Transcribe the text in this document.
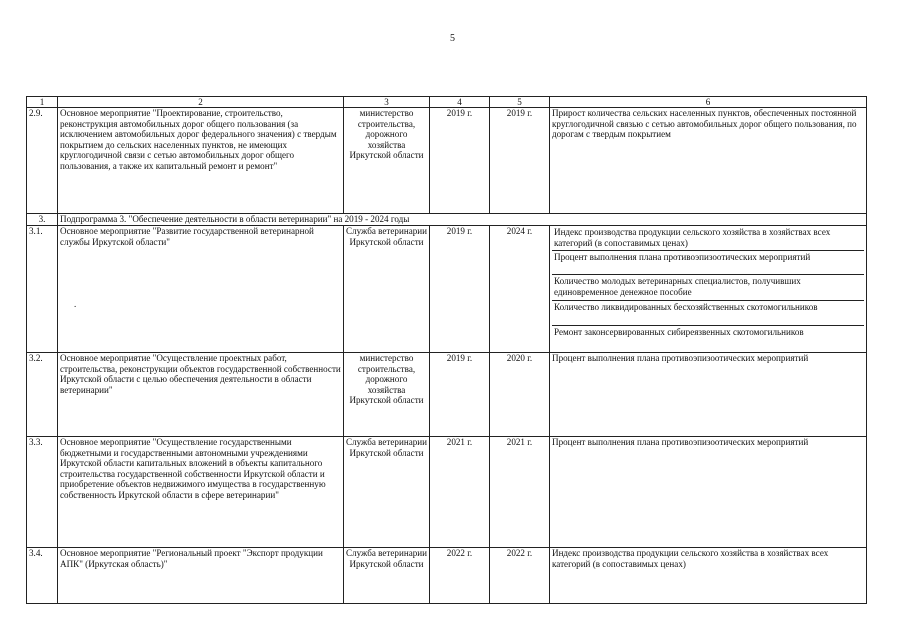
5
1	2	3	4	5	6
2.9.	Основное мероприятие "Проектирование, строительство, реконструкция автомобильных дорог общего пользования (за исключением автомобильных дорог федерального значения) с твердым покрытием до сельских населенных пунктов, не имеющих круглогодичной связи с сетью автомобильных дорог общего пользования, а также их капитальный ремонт и ремонт"	министерство строительства, дорожного хозяйства Иркутской области	2019 г.	2019 г.	Прирост количества сельских населенных пунктов, обеспеченных постоянной круглогодичной связью с сетью автомобильных дорог общего пользования, по дорогам с твердым покрытием
3.	Подпрограмма 3. "Обеспечение деятельности в области ветеринарии" на 2019 - 2024 годы				
3.1.	Основное мероприятие "Развитие государственной ветеринарной службы Иркутской области"	Служба ветеринарии Иркутской области	2019 г.	2024 г.	Индекс производства продукции сельского хозяйства в хозяйствах всех категорий (в сопоставимых ценах)
Процент выполнения плана противоэпизоотических мероприятий
Количество молодых ветеринарных специалистов, получивших единовременное денежное пособие
Количество ликвидированных бесхозяйственных скотомогильников
Ремонт законсервированных сибиреязвенных скотомогильников

3.2.	Основное мероприятие "Осуществление проектных работ, строительства, реконструкции объектов государственной собственности Иркутской области с целью обеспечения деятельности в области ветеринарии"	министерство строительства, дорожного хозяйства Иркутской области	2019 г.	2020 г.	Процент выполнения плана противоэпизоотических мероприятий
3.3.	Основное мероприятие "Осуществление государственными бюджетными и государственными автономными учреждениями Иркутской области капитальных вложений в объекты капитального строительства государственной собственности Иркутской области и приобретение объектов недвижимого имущества в государственную собственность Иркутской области в сфере ветеринарии"	Служба ветеринарии Иркутской области	2021 г.	2021 г.	Процент выполнения плана противоэпизоотических мероприятий
3.4.	Основное мероприятие "Региональный проект "Экспорт продукции АПК" (Иркутская область)"	Служба ветеринарии Иркутской области	2022 г.	2022 г.	Индекс производства продукции сельского хозяйства в хозяйствах всех категорий (в сопоставимых ценах)
.
